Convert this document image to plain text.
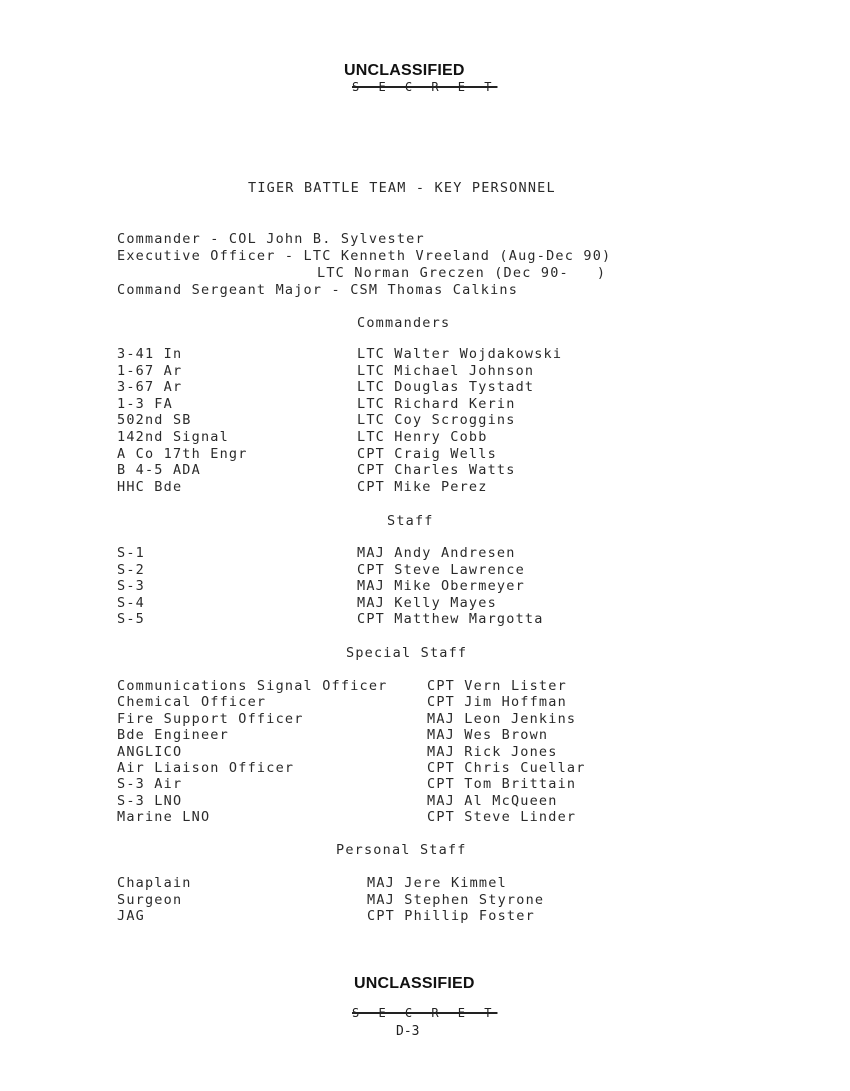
UNCLASSIFIED
S E C R E T
TIGER BATTLE TEAM - KEY PERSONNEL
Commander - COL John B. Sylvester
Executive Officer - LTC Kenneth Vreeland (Aug-Dec 90)
LTC Norman Greczen (Dec 90-   )
Command Sergeant Major - CSM Thomas Calkins
Commanders
3-41 In	LTC Walter Wojdakowski
1-67 Ar	LTC Michael Johnson
3-67 Ar	LTC Douglas Tystadt
1-3 FA	LTC Richard Kerin
502nd SB	LTC Coy Scroggins
142nd Signal	LTC Henry Cobb
A Co 17th Engr	CPT Craig Wells
B 4-5 ADA	CPT Charles Watts
HHC Bde	CPT Mike Perez
Staff
S-1	MAJ Andy Andresen
S-2	CPT Steve Lawrence
S-3	MAJ Mike Obermeyer
S-4	MAJ Kelly Mayes
S-5	CPT Matthew Margotta
Special Staff
Communications Signal Officer	CPT Vern Lister
Chemical Officer	CPT Jim Hoffman
Fire Support Officer	MAJ Leon Jenkins
Bde Engineer	MAJ Wes Brown
ANGLICO	MAJ Rick Jones
Air Liaison Officer	CPT Chris Cuellar
S-3 Air	CPT Tom Brittain
S-3 LNO	MAJ Al McQueen
Marine LNO	CPT Steve Linder
Personal Staff
Chaplain	MAJ Jere Kimmel
Surgeon	MAJ Stephen Styrone
JAG	CPT Phillip Foster
UNCLASSIFIED
S E C R E T
D-3
